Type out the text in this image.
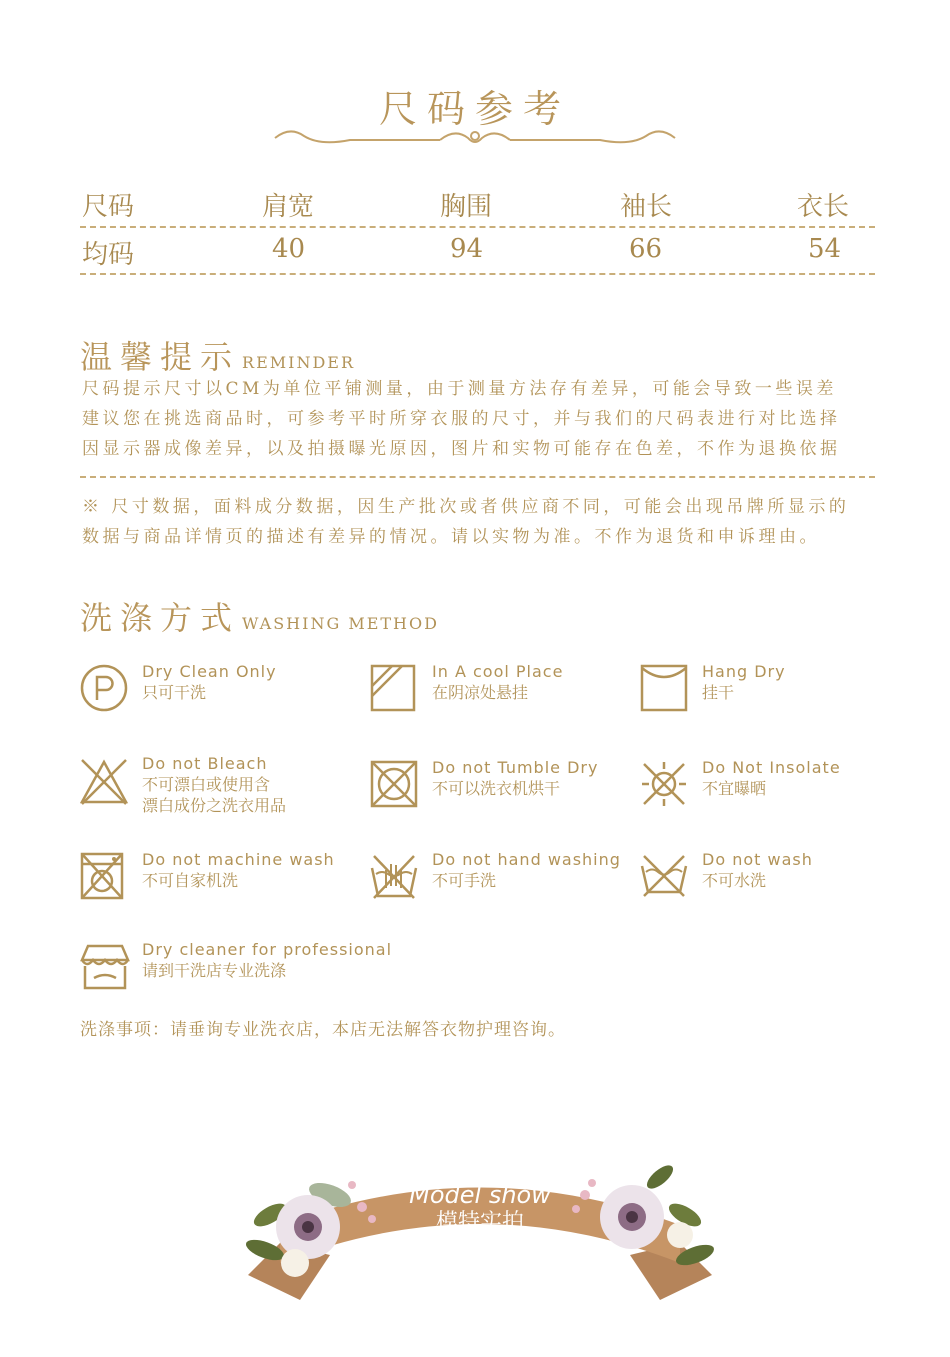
尺码参考
尺码	肩宽	胸围	袖长	衣长
均码	40	94	66	54
温馨提示 REMINDER
尺码提示尺寸以CM为单位平铺测量，由于测量方法存有差异，可能会导致一些误差
建议您在挑选商品时，可参考平时所穿衣服的尺寸，并与我们的尺码表进行对比选择
因显示器成像差异，以及拍摄曝光原因，图片和实物可能存在色差，不作为退换依据
※ 尺寸数据，面料成分数据，因生产批次或者供应商不同，可能会出现吊牌所显示的
数据与商品详情页的描述有差异的情况。请以实物为准。不作为退货和申诉理由。
洗涤方式 WASHING METHOD
Dry Clean Only
只可干洗
In A cool Place
在阴凉处悬挂
Hang Dry
挂干
Do not Bleach
不可漂白或使用含
漂白成份之洗衣用品
Do not Tumble Dry
不可以洗衣机烘干
Do Not Insolate
不宜曝晒
Do not machine wash
不可自家机洗
Do not hand washing
不可手洗
Do not wash
不可水洗
Dry cleaner for professional
请到干洗店专业洗涤
洗涤事项：请垂询专业洗衣店，本店无法解答衣物护理咨询。
Model show
模特实拍
